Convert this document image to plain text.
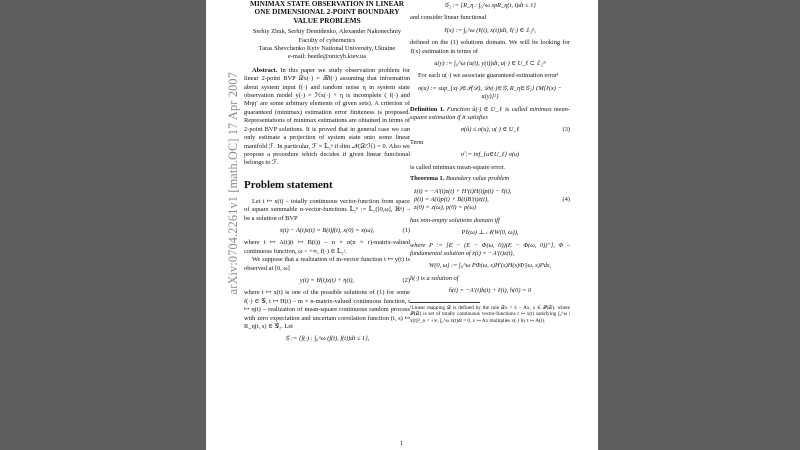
arXiv:0704.2261v1 [math.OC] 17 Apr 2007
MINIMAX STATE OBSERVATION IN LINEAR ONE DIMENSIONAL 2-POINT BOUNDARY VALUE PROBLEMS
Serhiy Zhuk, Serhiy Demidenko, Alexander Nakonechniy
Faculty of cybernetics
Taras Shevchenko Kyiv National University, Ukraine
e-mail: beetle@unicyb.kiev.ua

Abstract. In this paper we study observation problem for linear 2-point BVP 𝒟x(·) = ℬf(·) assuming that information about system input f(·) and random noise η in system state observation model y(·) = ℋx(·) + η is incomplete ( f(·) and Mηη′ are some arbitrary elements of given sets). A criterion of guaranteed (minimax) estimation error finiteness is proposed. Representations of minimax estimations are obtained in terms of 2-point BVP solutions. It is proved that in general case we can only estimate a projection of system state onto some linear manifold ℱ. In particular, ℱ = 𝕃₂ⁿ if dim 𝒩(𝒟/ℋ) = 0. Also we propose a procedure which decides if given linear functional belongs to ℱ.

Problem statement

Let t ↦ x(t) – totally continuous vector-function from space of square summable n-vector-functions 𝕃₂ⁿ := 𝕃₂([0,ω], ℝⁿ) – be a solution of BVP

ẋ(t) − A(t)x(t) = B(t)f(t), x(0) = x(ω),	(1)

where t ↦ A(t)(t ↦ B(t)) – n × n(n × r)-matrix-valued continuous function, ω < +∞, f(·) ∈ 𝕃₂ʳ.

We suppose that a realization of m-vector function t ↦ y(t) is observed at [0, ω]

y(t) = H(t)x(t) + η(t),	(2)

where t ↦ x(t) is one of the possible solutions of (1) for some f(·) ∈ 𝒢, t ↦ H(t) – m × n-matrix-valued continuous function, t ↦ η(t) – realization of mean-square continuous random process with zero expectation and uncertain correlation function (t, s) ↦ R_η(t, s) ∈ 𝒢₂. Let

𝒢 := {f(·) : ∫₀^ω (f(t), f(t))dt ≤ 1},
𝒢₂ := {R_η : ∫₀^ω spR_η(t, t)dt ≤ 1}

and consider linear functional

ℓ(x) := ∫₀^ω (ℓ(t), x(t))dt, ℓ(·) ∈ 𝕃₂ⁿ,

defined on the (1) solutions domain. We will be looking for ℓ(x) estimation in terms of

u(y) := ∫₀^ω (u(t), y(t))dt, u(·) ∈ U_ℓ ⊂ 𝕃₂ᵐ

For each u(·) we associate guaranteed estimation error¹

σ(u) := sup_{x(·)∈𝒫(𝒟), 𝒟x(·)∈𝒢, R_η∈𝒢₂} {M[ℓ(x) − u(y)]²}

Definition 1. Function û(·) ∈ U_ℓ is called minimax mean-square estimation if it satisfies

σ(û) ≤ σ(u), u(·) ∈ U_ℓ	(3)

Term

σ̂ := inf_{u∈U_ℓ} σ(u)

is called minimax mean-square error.

Theorema 1. Boundary value problem

ż(t) = −A′(t)z(t) + H′(t)H(t)p(t) − ℓ(t),
ṗ(t) = A(t)p(t) + B(t)B′(t)z(t),
z(0) = z(ω), p(0) = p(ω)
(4)

has non-empty solutions domain iff

Pℓ(ω) ⊥ 𝒩(W(0, ω)),

where P := [E − (E − Φ(ω, 0))(E − Φ(ω, 0))⁺], Φ – fundamental solution of ż(t) = −A′(t)z(t),

W(0, ω) := ∫₀^ω PΦ(ω, s)H′(s)H(s)Φ′(ω, s)Pds,

h(·) is a solution of

ḣ(t) = −A′(t)h(t) + ℓ(t), h(0) = 0
¹Linear mapping 𝒟 is defined by the rule 𝒟x = ẋ − Ax, x ∈ 𝒫(𝒟), where 𝒫(𝒟) is set of totally continuous vector-functions t ↦ x(t) satisfying ∫₀^ω |ẋ(t)|²_n < +∞, ∫₀^ω ẋ(t)dt = 0, x ↦ Ax multiplies x(·) by t ↦ A(t).
1
